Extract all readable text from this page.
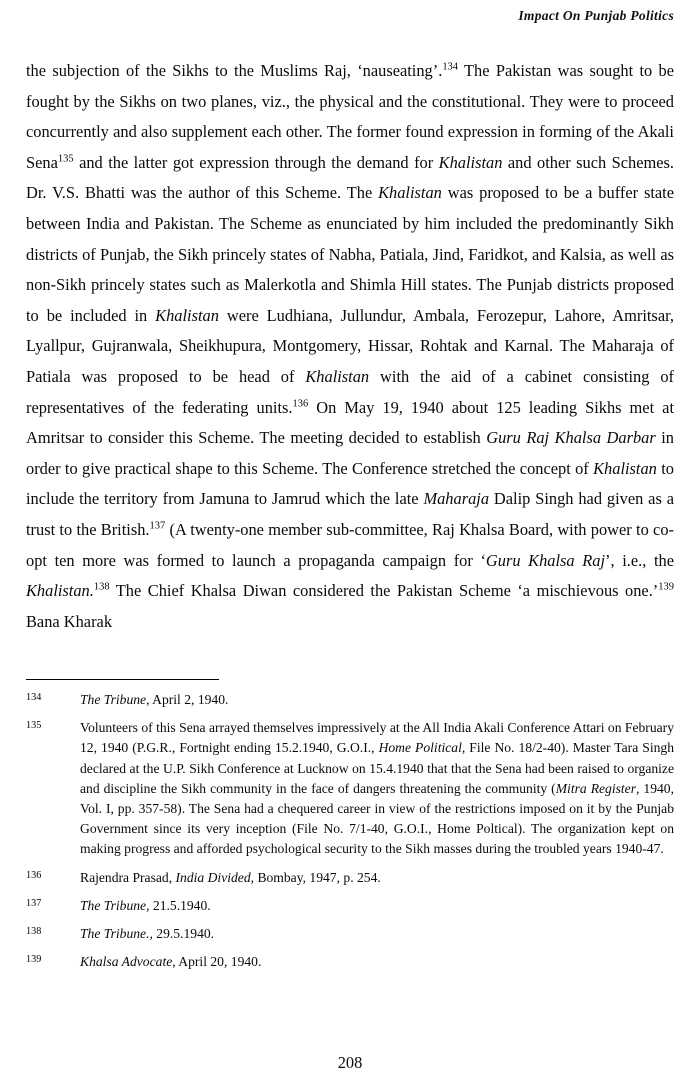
Impact On Punjab Politics

the subjection of the Sikhs to the Muslims Raj, ‘nauseating’.$^{134}$ The Pakistan was sought to be fought by the Sikhs on two planes, viz., the physical and the constitutional. They were to proceed concurrently and also supplement each other. The former found expression in forming of the Akali Sena$^{135}$ and the latter got expression through the demand for Khalistan and other such Schemes. Dr. V.S. Bhatti was the author of this Scheme. The Khalistan was proposed to be a buffer state between India and Pakistan. The Scheme as enunciated by him included the predominantly Sikh districts of Punjab, the Sikh princely states of Nabha, Patiala, Jind, Faridkot, and Kalsia, as well as non-Sikh princely states such as Malerkotla and Shimla Hill states. The Punjab districts proposed to be included in Khalistan were Ludhiana, Jullundur, Ambala, Ferozepur, Lahore, Amritsar, Lyallpur, Gujranwala, Sheikhupura, Montgomery, Hissar, Rohtak and Karnal. The Maharaja of Patiala was proposed to be head of Khalistan with the aid of a cabinet consisting of representatives of the federating units.$^{136}$ On May 19, 1940 about 125 leading Sikhs met at Amritsar to consider this Scheme. The meeting decided to establish Guru Raj Khalsa Darbar in order to give practical shape to this Scheme. The Conference stretched the concept of Khalistan to include the territory from Jamuna to Jamrud which the late Maharaja Dalip Singh had given as a trust to the British.$^{137}$ (A twenty-one member sub-committee, Raj Khalsa Board, with power to co-opt ten more was formed to launch a propaganda campaign for ‘Guru Khalsa Raj’, i.e., the Khalistan.$^{138}$ The Chief Khalsa Diwan considered the Pakistan Scheme ‘a mischievous one.’$^{139}$ Bana Kharak

134	The Tribune, April 2, 1940.
135	Volunteers of this Sena arrayed themselves impressively at the All India Akali Conference Attari on February 12, 1940 (P.G.R., Fortnight ending 15.2.1940, G.O.I., Home Political, File No. 18/2-40). Master Tara Singh declared at the U.P. Sikh Conference at Lucknow on 15.4.1940 that that the Sena had been raised to organize and discipline the Sikh community in the face of dangers threatening the community (Mitra Register, 1940, Vol. I, pp. 357-58). The Sena had a chequered career in view of the restrictions imposed on it by the Punjab Government since its very inception (File No. 7/1-40, G.O.I., Home Poltical). The organization kept on making progress and afforded psychological security to the Sikh masses during the troubled years 1940-47.
136	Rajendra Prasad, India Divided, Bombay, 1947, p. 254.
137	The Tribune, 21.5.1940.
138	The Tribune., 29.5.1940.
139	Khalsa Advocate, April 20, 1940.
208
